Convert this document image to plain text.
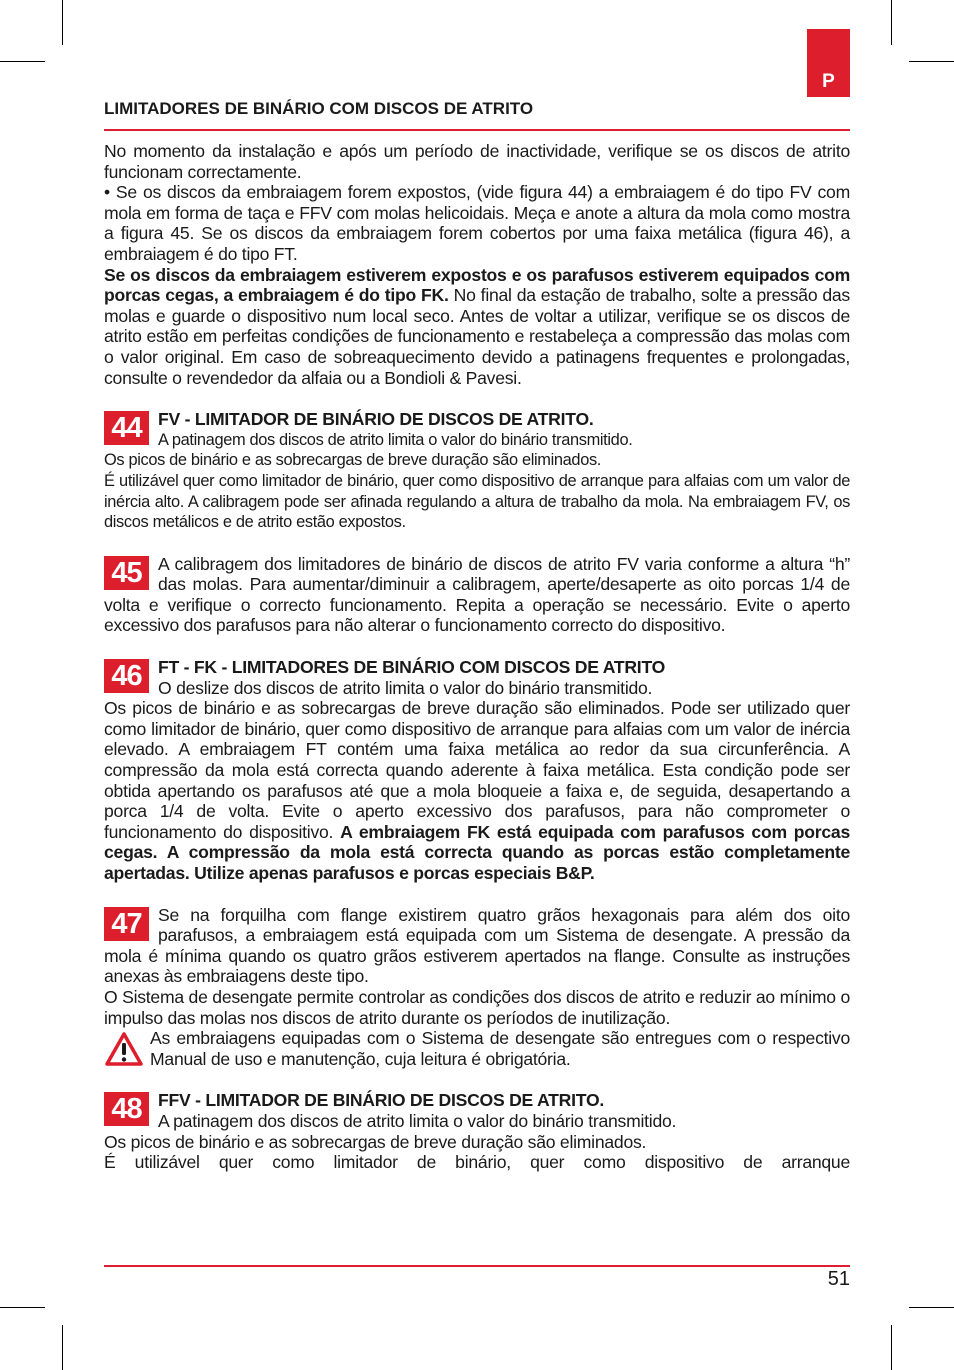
P
LIMITADORES DE BINÁRIO COM DISCOS DE ATRITO

No momento da instalação e após um período de inactividade, verifique se os discos de atrito funcionam correctamente.

• Se os discos da embraiagem forem expostos, (vide figura 44) a embraiagem é do tipo FV com mola em forma de taça e FFV com molas helicoidais. Meça e anote a altura da mola como mostra a figura 45. Se os discos da embraiagem forem cobertos por uma faixa metálica (figura 46), a embraiagem é do tipo FT.

Se os discos da embraiagem estiverem expostos e os parafusos estiverem equipados com porcas cegas, a embraiagem é do tipo FK. No final da estação de trabalho, solte a pressão das molas e guarde o dispositivo num local seco. Antes de voltar a utilizar, verifique se os discos de atrito estão em perfeitas condições de funcionamento e restabeleça a compressão das molas com o valor original. Em caso de sobreaquecimento devido a patinagens frequentes e prolongadas, consulte o revendedor da alfaia ou a Bondioli & Pavesi.

44 FV - LIMITADOR DE BINÁRIO DE DISCOS DE ATRITO.

A patinagem dos discos de atrito limita o valor do binário transmitido.

Os picos de binário e as sobrecargas de breve duração são eliminados.

É utilizável quer como limitador de binário, quer como dispositivo de arranque para alfaias com um valor de inércia alto. A calibragem pode ser afinada regulando a altura de trabalho da mola. Na embraiagem FV, os discos metálicos e de atrito estão expostos.

45 A calibragem dos limitadores de binário de discos de atrito FV varia conforme a altura “h” das molas. Para aumentar/diminuir a calibragem, aperte/desaperte as oito porcas 1/4 de volta e verifique o correcto funcionamento. Repita a operação se necessário. Evite o aperto excessivo dos parafusos para não alterar o funcionamento correcto do dispositivo.

46 FT - FK - LIMITADORES DE BINÁRIO COM DISCOS DE ATRITO

O deslize dos discos de atrito limita o valor do binário transmitido.

Os picos de binário e as sobrecargas de breve duração são eliminados. Pode ser utilizado quer como limitador de binário, quer como dispositivo de arranque para alfaias com um valor de inércia elevado. A embraiagem FT contém uma faixa metálica ao redor da sua circunferência. A compressão da mola está correcta quando aderente à faixa metálica. Esta condição pode ser obtida apertando os parafusos até que a mola bloqueie a faixa e, de seguida, desapertando a porca 1/4 de volta. Evite o aperto excessivo dos parafusos, para não comprometer o funcionamento do dispositivo. A embraiagem FK está equipada com parafusos com porcas cegas. A compressão da mola está correcta quando as porcas estão completamente apertadas. Utilize apenas parafusos e porcas especiais B&P.

47 Se na forquilha com flange existirem quatro grãos hexagonais para além dos oito parafusos, a embraiagem está equipada com um Sistema de desengate. A pressão da mola é mínima quando os quatro grãos estiverem apertados na flange. Consulte as instruções anexas às embraiagens deste tipo.

O Sistema de desengate permite controlar as condições dos discos de atrito e reduzir ao mínimo o impulso das molas nos discos de atrito durante os períodos de inutilização.

As embraiagens equipadas com o Sistema de desengate são entregues com o respectivo Manual de uso e manutenção, cuja leitura é obrigatória.

48 FFV - LIMITADOR DE BINÁRIO DE DISCOS DE ATRITO.

A patinagem dos discos de atrito limita o valor do binário transmitido.

Os picos de binário e as sobrecargas de breve duração são eliminados.

É utilizável quer como limitador de binário, quer como dispositivo de arranque

51
